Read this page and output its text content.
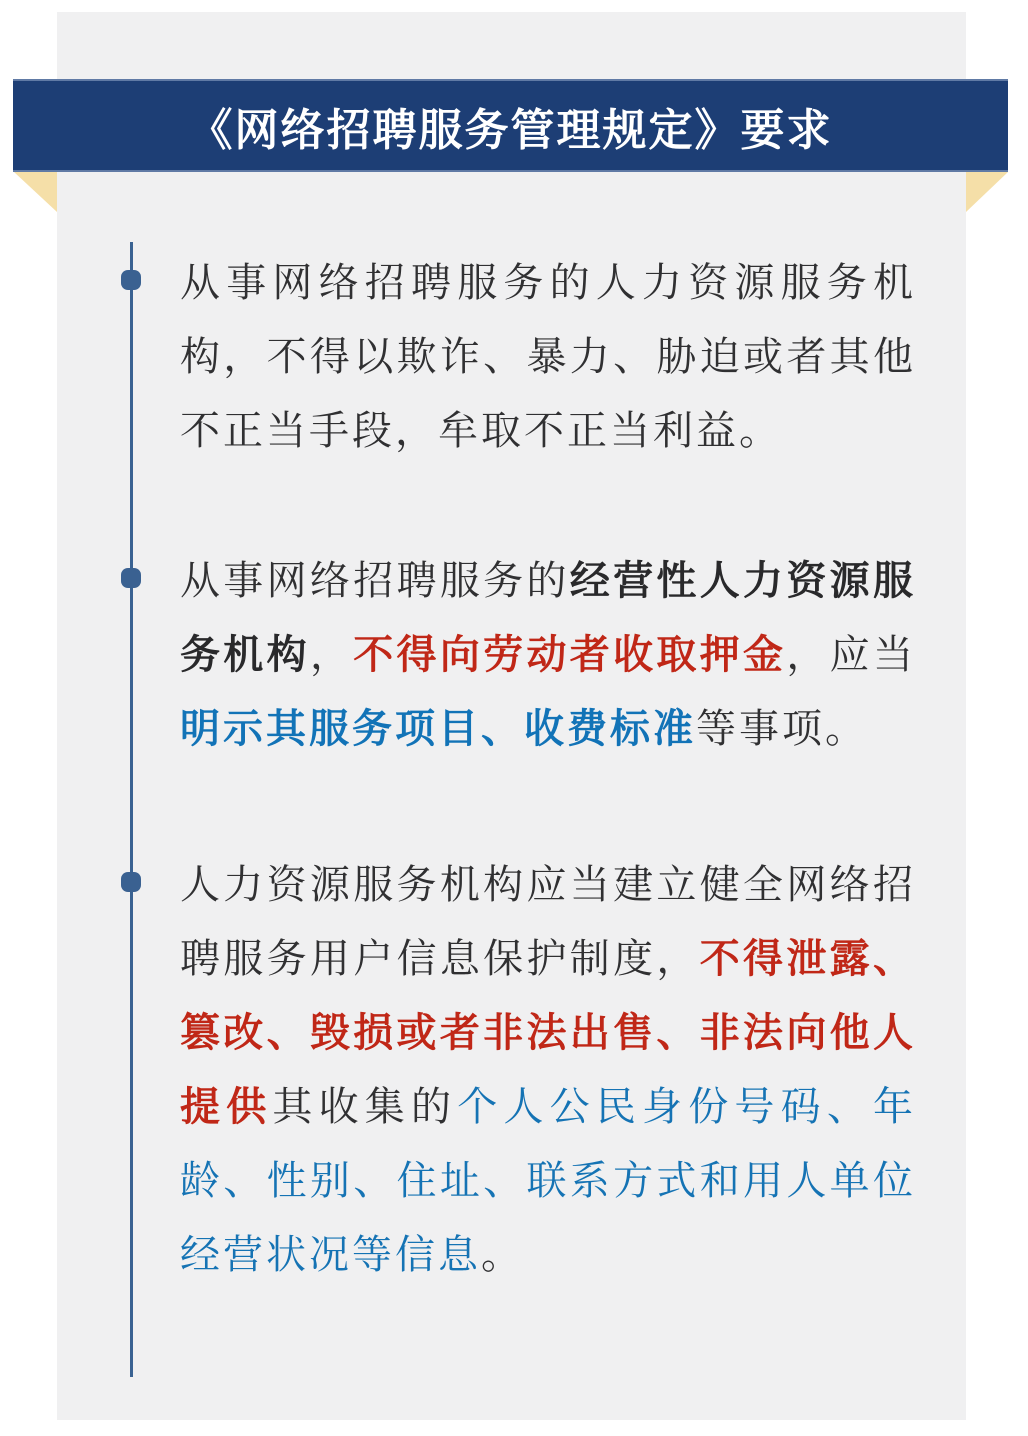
《网络招聘服务管理规定》要求
从事网络招聘服务的人力资源服务机构，不得以欺诈、暴力、胁迫或者其他不正当手段，牟取不正当利益。
从事网络招聘服务的经营性人力资源服务机构，不得向劳动者收取押金，应当明示其服务项目、收费标准等事项。
人力资源服务机构应当建立健全网络招聘服务用户信息保护制度，不得泄露、篡改、毁损或者非法出售、非法向他人提供其收集的个人公民身份号码、年龄、性别、住址、联系方式和用人单位经营状况等信息。
